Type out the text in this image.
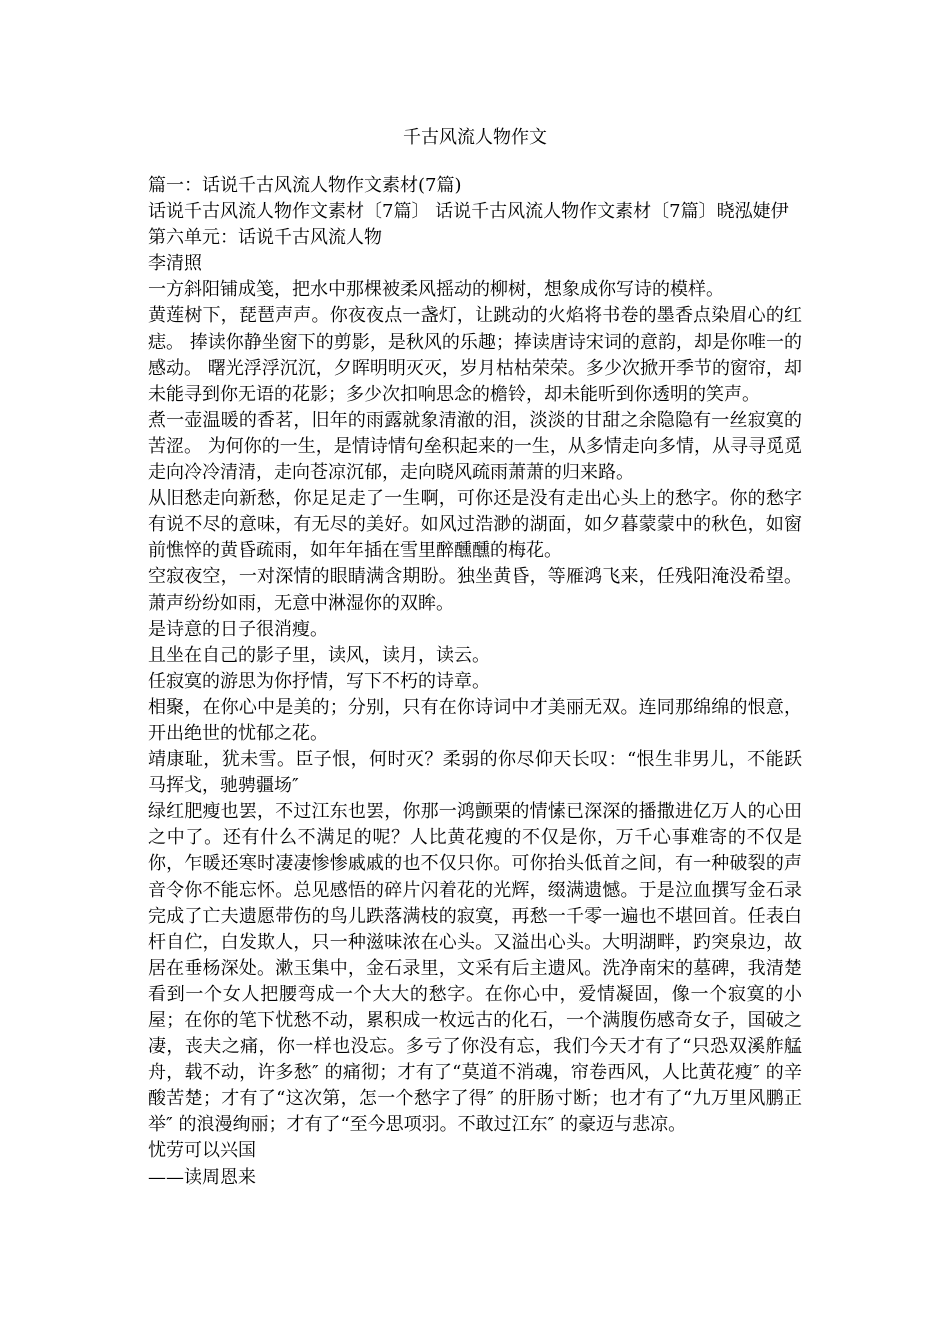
千古风流人物作文

篇一：话说千古风流人物作文素材(7篇)

话说千古风流人物作文素材〔7篇〕 话说千古风流人物作文素材〔7篇〕晓泓婕伊

第六单元：话说千古风流人物

李清照

一方斜阳铺成笺，把水中那棵被柔风摇动的柳树，想象成你写诗的模样。

黄莲树下，琵琶声声。你夜夜点一盏灯，让跳动的火焰将书卷的墨香点染眉心的红痣。 捧读你静坐窗下的剪影，是秋风的乐趣；捧读唐诗宋词的意韵，却是你唯一的感动。 曙光浮浮沉沉，夕晖明明灭灭，岁月枯枯荣荣。多少次掀开季节的窗帘，却未能寻到你无语的花影；多少次扣响思念的檐铃，却未能听到你透明的笑声。

煮一壶温暖的香茗，旧年的雨露就象清澈的泪，淡淡的甘甜之余隐隐有一丝寂寞的苦涩。 为何你的一生，是情诗情句垒积起来的一生，从多情走向多情，从寻寻觅觅走向冷冷清清，走向苍凉沉郁，走向晓风疏雨萧萧的归来路。

从旧愁走向新愁，你足足走了一生啊，可你还是没有走出心头上的愁字。你的愁字有说不尽的意味，有无尽的美好。如风过浩渺的湖面，如夕暮蒙蒙中的秋色，如窗前憔悴的黄昏疏雨，如年年插在雪里醉醺醺的梅花。

空寂夜空，一对深情的眼睛满含期盼。独坐黄昏，等雁鸿飞来，任残阳淹没希望。萧声纷纷如雨，无意中淋湿你的双眸。

是诗意的日子很消瘦。

且坐在自己的影子里，读风，读月，读云。

任寂寞的游思为你抒情，写下不朽的诗章。

相聚，在你心中是美的；分别，只有在你诗词中才美丽无双。连同那绵绵的恨意，开出绝世的忧郁之花。

靖康耻，犹未雪。臣子恨，何时灭？柔弱的你尽仰天长叹：“恨生非男儿，不能跃马挥戈，驰骋疆场″

绿红肥瘦也罢，不过江东也罢，你那一鸿颤栗的情愫已深深的播撒进亿万人的心田之中了。还有什么不满足的呢？人比黄花瘦的不仅是你，万千心事难寄的不仅是你，乍暖还寒时凄凄惨惨戚戚的也不仅只你。可你抬头低首之间，有一种破裂的声音令你不能忘怀。总见感悟的碎片闪着花的光辉，缀满遗憾。于是泣血撰写金石录完成了亡夫遗愿带伤的鸟儿跌落满枝的寂寞，再愁一千零一遍也不堪回首。任表白杆自伫，白发欺人，只一种滋味浓在心头。又溢出心头。大明湖畔，趵突泉边，故居在垂杨深处。漱玉集中，金石录里，文采有后主遗风。洗净南宋的墓碑，我清楚看到一个女人把腰弯成一个大大的愁字。在你心中，爱情凝固，像一个寂寞的小屋；在你的笔下忧愁不动，累积成一枚远古的化石，一个满腹伤感奇女子，国破之凄，丧夫之痛，你一样也没忘。多亏了你没有忘，我们今天才有了“只恐双溪舴艋舟，载不动，许多愁″ 的痛彻；才有了“莫道不消魂，帘卷西风，人比黄花瘦″ 的辛酸苦楚；才有了“这次第，怎一个愁字了得″ 的肝肠寸断；也才有了“九万里风鹏正举″ 的浪漫绚丽；才有了“至今思项羽。不敢过江东″ 的豪迈与悲凉。

忧劳可以兴国

——读周恩来
